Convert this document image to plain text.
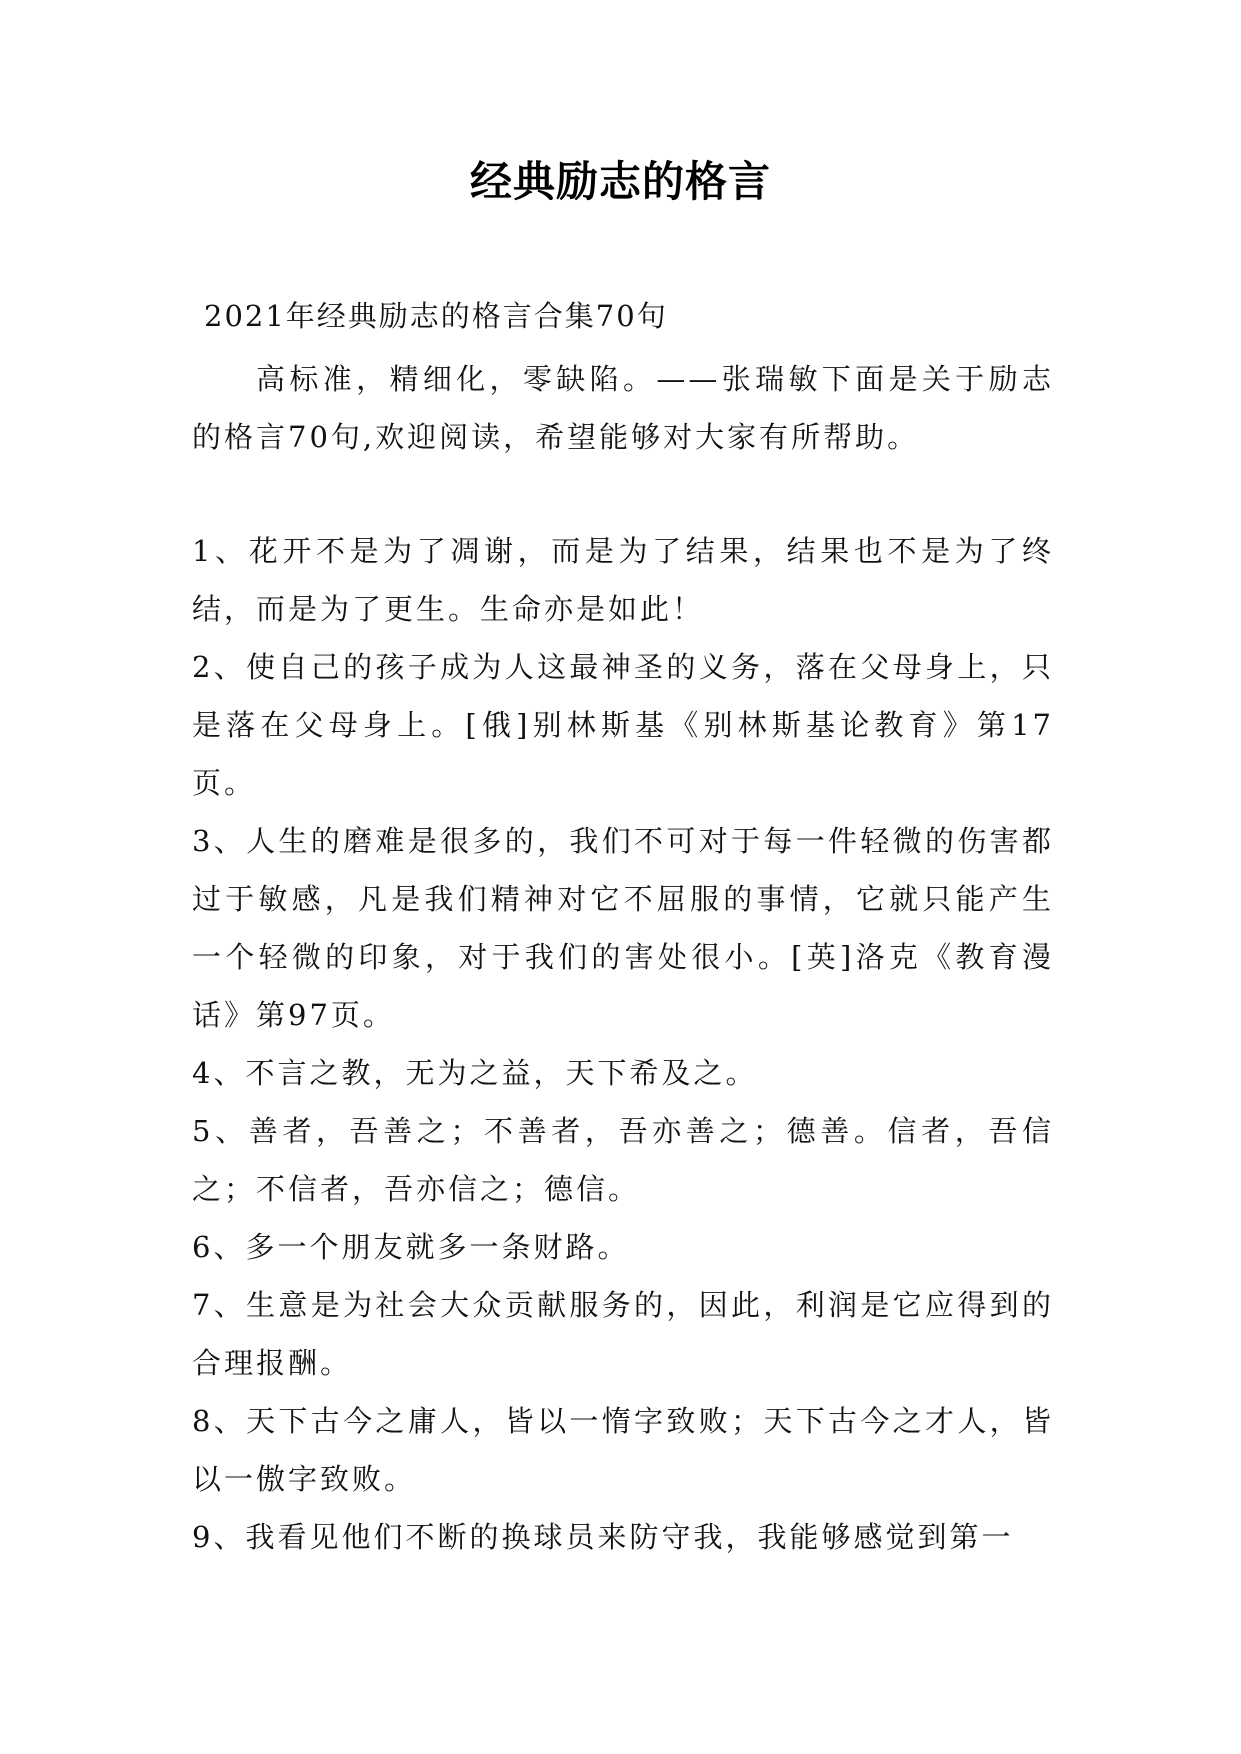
经典励志的格言
2021年经典励志的格言合集70句

高标准，精细化，零缺陷。——张瑞敏下面是关于励志的格言70句,欢迎阅读，希望能够对大家有所帮助。

1、花开不是为了凋谢，而是为了结果，结果也不是为了终结，而是为了更生。生命亦是如此！

2、使自己的孩子成为人这最神圣的义务，落在父母身上，只是落在父母身上。[俄]别林斯基《别林斯基论教育》第17页。

3、人生的磨难是很多的，我们不可对于每一件轻微的伤害都过于敏感，凡是我们精神对它不屈服的事情，它就只能产生一个轻微的印象，对于我们的害处很小。[英]洛克《教育漫话》第97页。

4、不言之教，无为之益，天下希及之。

5、善者，吾善之；不善者，吾亦善之；德善。信者，吾信之；不信者，吾亦信之；德信。

6、多一个朋友就多一条财路。

7、生意是为社会大众贡献服务的，因此，利润是它应得到的合理报酬。

8、天下古今之庸人，皆以一惰字致败；天下古今之才人，皆以一傲字致败。

9、我看见他们不断的换球员来防守我，我能够感觉到第一
